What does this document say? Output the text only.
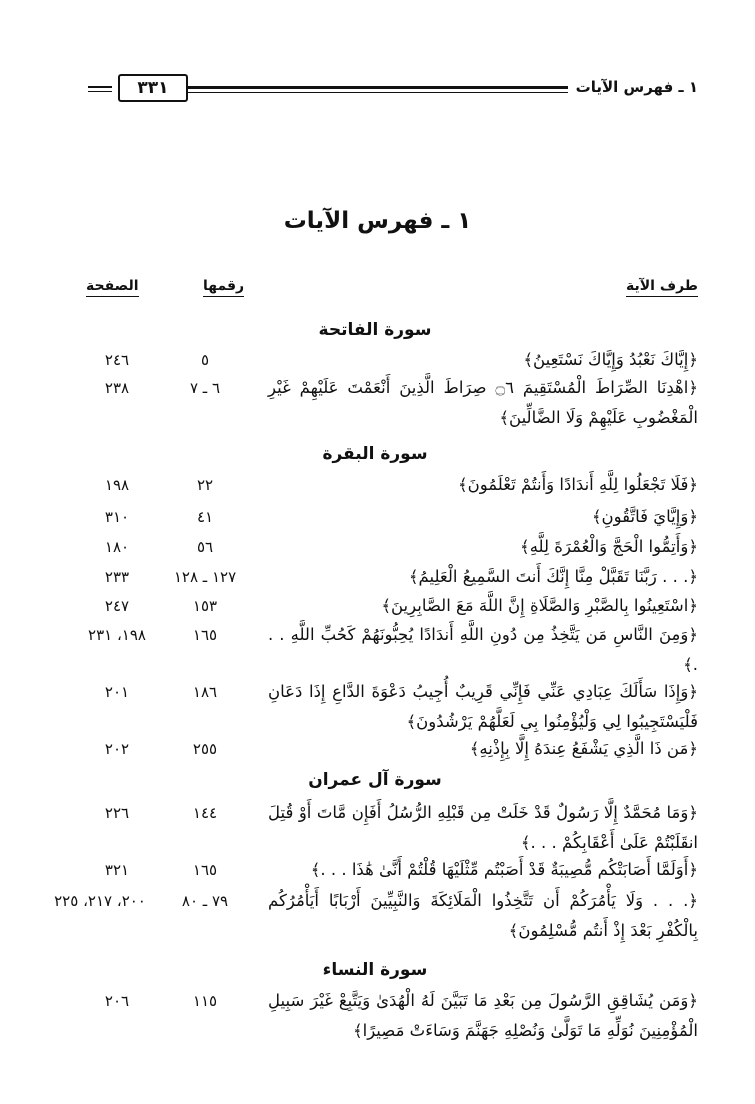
٣٣١	١ ـ فهرس الآيات
١ ـ فهرس الآيات
طرف الآية
رقمها
الصفحة
سورة الفاتحة
﴿إِيَّاكَ نَعْبُدُ وَإِيَّاكَ نَسْتَعِينُ﴾
٥
٢٤٦
﴿اهْدِنَا الصِّرَاطَ الْمُسْتَقِيمَ ۝٦ صِرَاطَ الَّذِينَ أَنْعَمْتَ عَلَيْهِمْ غَيْرِ الْمَغْضُوبِ عَلَيْهِمْ وَلَا الضَّالِّينَ﴾
٦ ـ ٧
٢٣٨
سورة البقرة
﴿فَلَا تَجْعَلُوا لِلَّهِ أَندَادًا وَأَنتُمْ تَعْلَمُونَ﴾
٢٢
١٩٨
﴿وَإِيَّايَ فَاتَّقُونِ﴾
٤١
٣١٠
﴿وَأَتِمُّوا الْحَجَّ وَالْعُمْرَةَ لِلَّهِ﴾
٥٦
١٨٠
﴿. . . رَبَّنَا تَقَبَّلْ مِنَّا إِنَّكَ أَنتَ السَّمِيعُ الْعَلِيمُ﴾
١٢٧ ـ ١٢٨
٢٣٣
﴿اسْتَعِينُوا بِالصَّبْرِ وَالصَّلَاةِ إِنَّ اللَّهَ مَعَ الصَّابِرِينَ﴾
١٥٣
٢٤٧
﴿وَمِنَ النَّاسِ مَن يَتَّخِذُ مِن دُونِ اللَّهِ أَندَادًا يُحِبُّونَهُمْ كَحُبِّ اللَّهِ . . .﴾
١٦٥
١٩٨، ٢٣١
﴿وَإِذَا سَأَلَكَ عِبَادِي عَنِّي فَإِنِّي قَرِيبٌ أُجِيبُ دَعْوَةَ الدَّاعِ إِذَا دَعَانِ فَلْيَسْتَجِيبُوا لِي وَلْيُؤْمِنُوا بِي لَعَلَّهُمْ يَرْشُدُونَ﴾
١٨٦
٢٠١
﴿مَن ذَا الَّذِي يَشْفَعُ عِندَهُ إِلَّا بِإِذْنِهِ﴾
٢٥٥
٢٠٢
سورة آل عمران
﴿وَمَا مُحَمَّدٌ إِلَّا رَسُولٌ قَدْ خَلَتْ مِن قَبْلِهِ الرُّسُلُ أَفَإِن مَّاتَ أَوْ قُتِلَ انقَلَبْتُمْ عَلَىٰ أَعْقَابِكُمْ . . .﴾
١٤٤
٢٢٦
﴿أَوَلَمَّا أَصَابَتْكُم مُّصِيبَةٌ قَدْ أَصَبْتُم مِّثْلَيْهَا قُلْتُمْ أَنَّىٰ هَٰذَا . . .﴾
١٦٥
٣٢١
﴿. . . وَلَا يَأْمُرَكُمْ أَن تَتَّخِذُوا الْمَلَائِكَةَ وَالنَّبِيِّينَ أَرْبَابًا أَيَأْمُرُكُم بِالْكُفْرِ بَعْدَ إِذْ أَنتُم مُّسْلِمُونَ﴾
٧٩ ـ ٨٠
٢٠٠، ٢١٧، ٢٢٥
سورة النساء
﴿وَمَن يُشَاقِقِ الرَّسُولَ مِن بَعْدِ مَا تَبَيَّنَ لَهُ الْهُدَىٰ وَيَتَّبِعْ غَيْرَ سَبِيلِ الْمُؤْمِنِينَ نُوَلِّهِ مَا تَوَلَّىٰ وَنُصْلِهِ جَهَنَّمَ وَسَاءَتْ مَصِيرًا﴾
١١٥
٢٠٦
